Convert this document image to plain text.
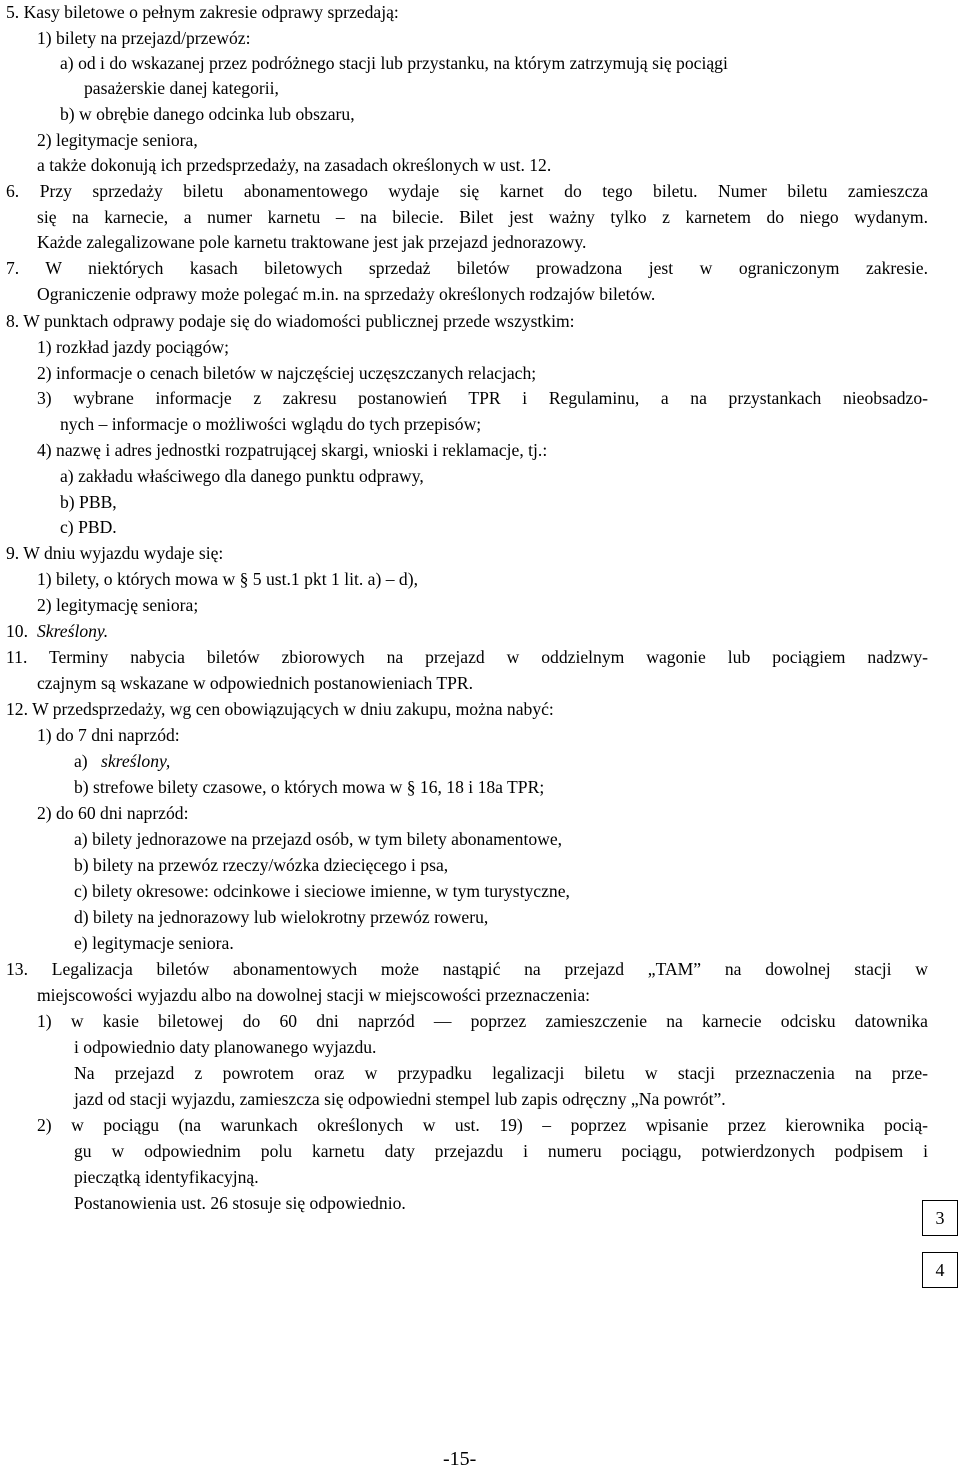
5. Kasy biletowe o pełnym zakresie odprawy sprzedają:

1) bilety na przejazd/przewóz:

a) od i do wskazanej przez podróżnego stacji lub przystanku, na którym zatrzymują się pociągi

pasażerskie danej kategorii,

b) w obrębie danego odcinka lub obszaru,

2) legitymacje seniora,

a także dokonują ich przedsprzedaży, na zasadach określonych w ust. 12.

6. Przy sprzedaży biletu abonamentowego wydaje się karnet do tego biletu. Numer biletu zamieszcza

się na karnecie, a numer karnetu – na bilecie. Bilet jest ważny tylko z karnetem do niego wydanym.

Każde zalegalizowane pole karnetu traktowane jest jak przejazd jednorazowy.

7. W niektórych kasach biletowych sprzedaż biletów prowadzona jest w ograniczonym zakresie.

Ograniczenie odprawy może polegać m.in. na sprzedaży określonych rodzajów biletów.

8. W punktach odprawy podaje się do wiadomości publicznej przede wszystkim:

1) rozkład jazdy pociągów;

2) informacje o cenach biletów w najczęściej uczęszczanych relacjach;

3) wybrane informacje z zakresu postanowień TPR i Regulaminu, a na przystankach nieobsadzo-

nych – informacje o możliwości wglądu do tych przepisów;

4) nazwę i adres jednostki rozpatrującej skargi, wnioski i reklamacje, tj.:

a) zakładu właściwego dla danego punktu odprawy,

b) PBB,

c) PBD.

9. W dniu wyjazdu wydaje się:

1) bilety, o których mowa w § 5 ust.1 pkt 1 lit. a) – d),

2) legitymację seniora;

10. Skreślony.

11. Terminy nabycia biletów zbiorowych na przejazd w oddzielnym wagonie lub pociągiem nadzwy-

czajnym są wskazane w odpowiednich postanowieniach TPR.

12. W przedsprzedaży, wg cen obowiązujących w dniu zakupu, można nabyć:

1) do 7 dni naprzód:

a) skreślony,

b) strefowe bilety czasowe, o których mowa w § 16, 18 i 18a TPR;

2) do 60 dni naprzód:

a) bilety jednorazowe na przejazd osób, w tym bilety abonamentowe,

b) bilety na przewóz rzeczy/wózka dziecięcego i psa,

c) bilety okresowe: odcinkowe i sieciowe imienne, w tym turystyczne,

d) bilety na jednorazowy lub wielokrotny przewóz roweru,

e) legitymacje seniora.

13. Legalizacja biletów abonamentowych może nastąpić na przejazd „TAM” na dowolnej stacji w

miejscowości wyjazdu albo na dowolnej stacji w miejscowości przeznaczenia:

1) w kasie biletowej do 60 dni naprzód — poprzez zamieszczenie na karnecie odcisku datownika

i odpowiednio daty planowanego wyjazdu.

Na przejazd z powrotem oraz w przypadku legalizacji biletu w stacji przeznaczenia na prze-

jazd od stacji wyjazdu, zamieszcza się odpowiedni stempel lub zapis odręczny „Na powrót”.

2) w pociągu (na warunkach określonych w ust. 19) – poprzez wpisanie przez kierownika pocią-

gu w odpowiednim polu karnetu daty przejazdu i numeru pociągu, potwierdzonych podpisem i

pieczątką identyfikacyjną.

Postanowienia ust. 26 stosuje się odpowiednio.

3
4
-15-
